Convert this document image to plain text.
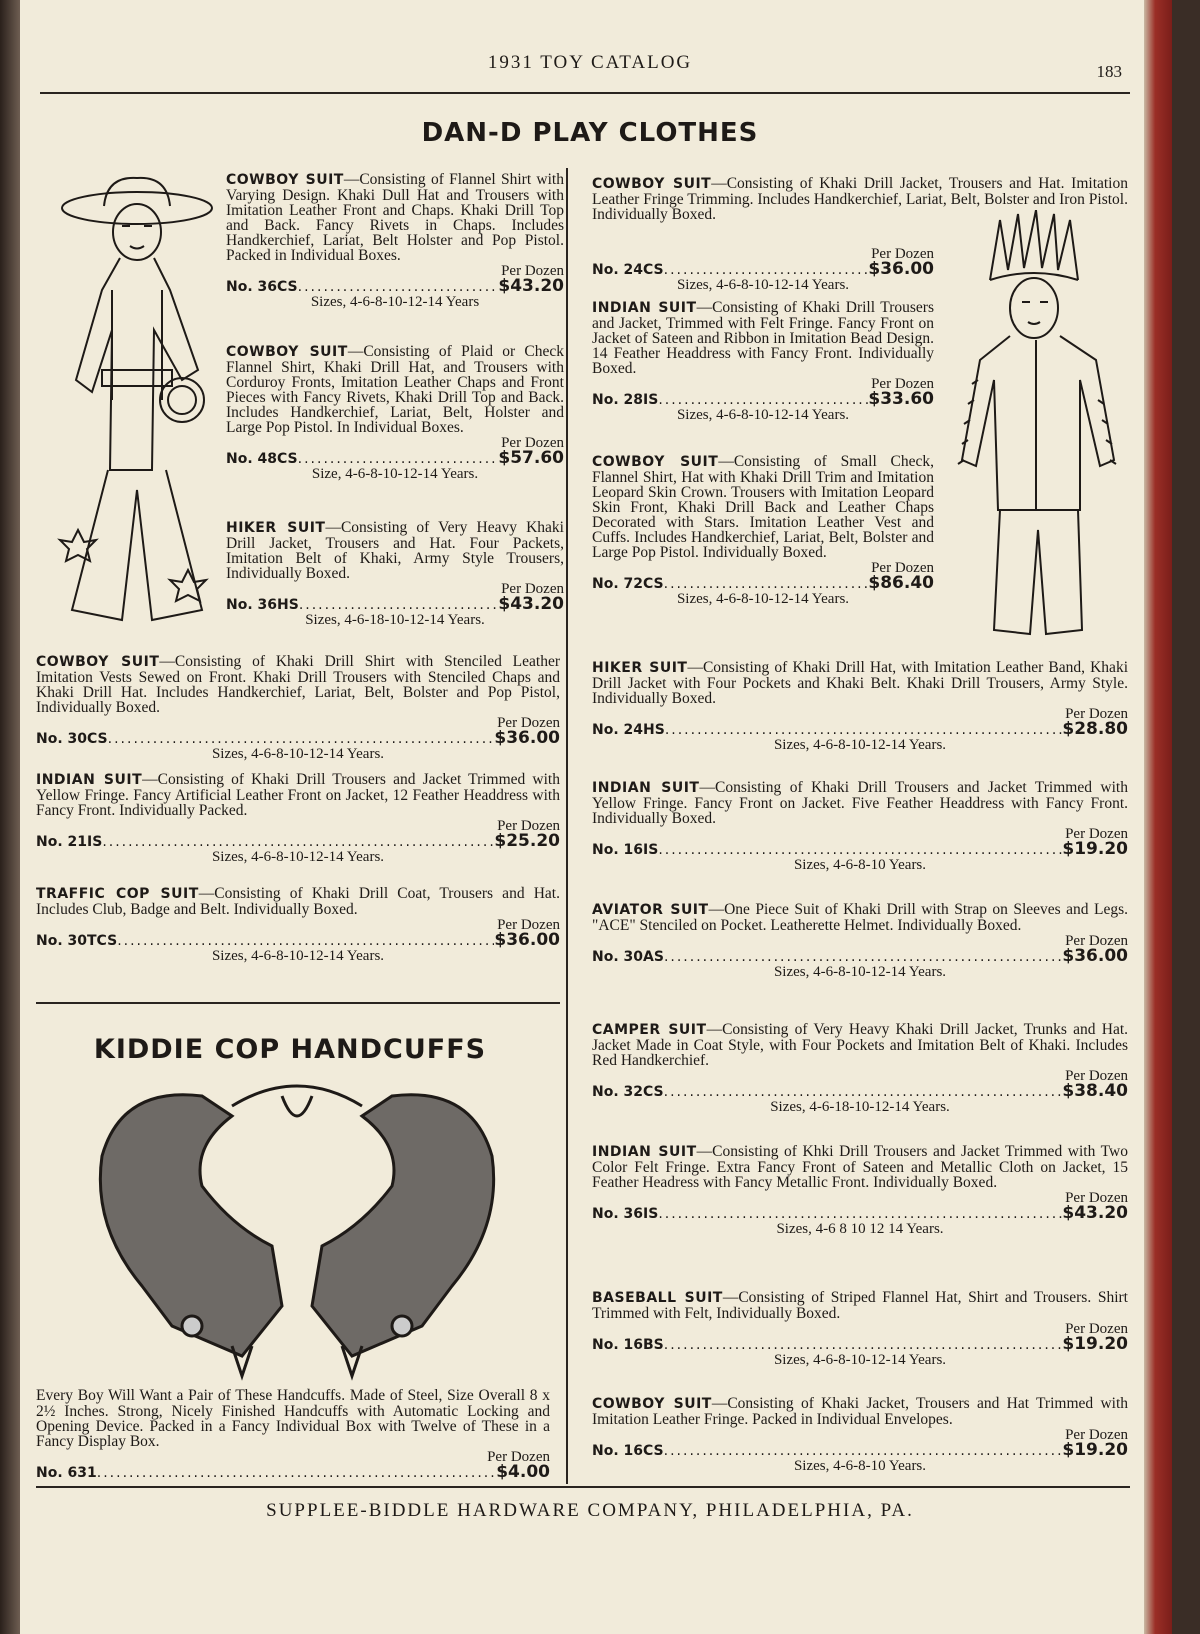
1931 TOY CATALOG	183
DAN-D PLAY CLOTHES
KIDDIE COP HANDCUFFS

COWBOY SUIT—Consisting of Flannel Shirt with Varying Design. Khaki Dull Hat and Trousers with Imitation Leather Front and Chaps. Khaki Drill Top and Back. Fancy Rivets in Chaps. Includes Handkerchief, Lariat, Belt Holster and Pop Pistol. Packed in Individual Boxes.

Per Dozen
No. 36CS .....	$43.20
Sizes, 4-6-8-10-12-14 Years

COWBOY SUIT—Consisting of Plaid or Check Flannel Shirt, Khaki Drill Hat, and Trousers with Corduroy Fronts, Imitation Leather Chaps and Front Pieces with Fancy Rivets, Khaki Drill Top and Back. Includes Handkerchief, Lariat, Belt, Holster and Large Pop Pistol. In Individual Boxes.

Per Dozen
No. 48CS .....	$57.60
Size, 4-6-8-10-12-14 Years.

HIKER SUIT—Consisting of Very Heavy Khaki Drill Jacket, Trousers and Hat. Four Packets, Imitation Belt of Khaki, Army Style Trousers, Individually Boxed.

Per Dozen
No. 36HS .....	$43.20
Sizes, 4-6-18-10-12-14 Years.

COWBOY SUIT—Consisting of Khaki Drill Shirt with Stenciled Leather Imitation Vests Sewed on Front. Khaki Drill Trousers with Stenciled Chaps and Khaki Drill Hat. Includes Handkerchief, Lariat, Belt, Bolster and Pop Pistol, Individually Boxed.

Per Dozen
No. 30CS .....	$36.00
Sizes, 4-6-8-10-12-14 Years.

INDIAN SUIT—Consisting of Khaki Drill Trousers and Jacket Trimmed with Yellow Fringe. Fancy Artificial Leather Front on Jacket, 12 Feather Headdress with Fancy Front. Individually Packed.

Per Dozen
No. 21IS .....	$25.20
Sizes, 4-6-8-10-12-14 Years.

TRAFFIC COP SUIT—Consisting of Khaki Drill Coat, Trousers and Hat. Includes Club, Badge and Belt. Individually Boxed.

Per Dozen
No. 30TCS .....	$36.00
Sizes, 4-6-8-10-12-14 Years.

Every Boy Will Want a Pair of These Handcuffs. Made of Steel, Size Overall 8 x 2½ Inches. Strong, Nicely Finished Handcuffs with Automatic Locking and Opening Device. Packed in a Fancy Individual Box with Twelve of These in a Fancy Display Box.

Per Dozen
No. 631 .....	$4.00

COWBOY SUIT—Consisting of Khaki Drill Jacket, Trousers and Hat. Imitation Leather Fringe Trimming. Includes Handkerchief, Lariat, Belt, Bolster and Iron Pistol. Individually Boxed.

Per Dozen
No. 24CS .....	$36.00
Sizes, 4-6-8-10-12-14 Years.

INDIAN SUIT—Consisting of Khaki Drill Trousers and Jacket, Trimmed with Felt Fringe. Fancy Front on Jacket of Sateen and Ribbon in Imitation Bead Design. 14 Feather Headdress with Fancy Front. Individually Boxed.

Per Dozen
No. 28IS .....	$33.60
Sizes, 4-6-8-10-12-14 Years.

COWBOY SUIT—Consisting of Small Check, Flannel Shirt, Hat with Khaki Drill Trim and Imitation Leopard Skin Crown. Trousers with Imitation Leopard Skin Front, Khaki Drill Back and Leather Chaps Decorated with Stars. Imitation Leather Vest and Cuffs. Includes Handkerchief, Lariat, Belt, Bolster and Large Pop Pistol. Individually Boxed.

Per Dozen
No. 72CS .....	$86.40
Sizes, 4-6-8-10-12-14 Years.

HIKER SUIT—Consisting of Khaki Drill Hat, with Imitation Leather Band, Khaki Drill Jacket with Four Pockets and Khaki Belt. Khaki Drill Trousers, Army Style. Individually Boxed.

Per Dozen
No. 24HS .....	$28.80
Sizes, 4-6-8-10-12-14 Years.

INDIAN SUIT—Consisting of Khaki Drill Trousers and Jacket Trimmed with Yellow Fringe. Fancy Front on Jacket. Five Feather Headdress with Fancy Front. Individually Boxed.

Per Dozen
No. 16IS .....	$19.20
Sizes, 4-6-8-10 Years.

AVIATOR SUIT—One Piece Suit of Khaki Drill with Strap on Sleeves and Legs. "ACE" Stenciled on Pocket. Leatherette Helmet. Individually Boxed.

Per Dozen
No. 30AS .....	$36.00
Sizes, 4-6-8-10-12-14 Years.

CAMPER SUIT—Consisting of Very Heavy Khaki Drill Jacket, Trunks and Hat. Jacket Made in Coat Style, with Four Pockets and Imitation Belt of Khaki. Includes Red Handkerchief.

Per Dozen
No. 32CS .....	$38.40
Sizes, 4-6-18-10-12-14 Years.

INDIAN SUIT—Consisting of Khki Drill Trousers and Jacket Trimmed with Two Color Felt Fringe. Extra Fancy Front of Sateen and Metallic Cloth on Jacket, 15 Feather Headress with Fancy Metallic Front. Individually Boxed.

Per Dozen
No. 36IS .....	$43.20
Sizes, 4-6 8 10 12 14 Years.

BASEBALL SUIT—Consisting of Striped Flannel Hat, Shirt and Trousers. Shirt Trimmed with Felt, Individually Boxed.

Per Dozen
No. 16BS .....	$19.20
Sizes, 4-6-8-10-12-14 Years.

COWBOY SUIT—Consisting of Khaki Jacket, Trousers and Hat Trimmed with Imitation Leather Fringe. Packed in Individual Envelopes.

Per Dozen
No. 16CS .....	$19.20
Sizes, 4-6-8-10 Years.
SUPPLEE-BIDDLE HARDWARE COMPANY, PHILADELPHIA, PA.
